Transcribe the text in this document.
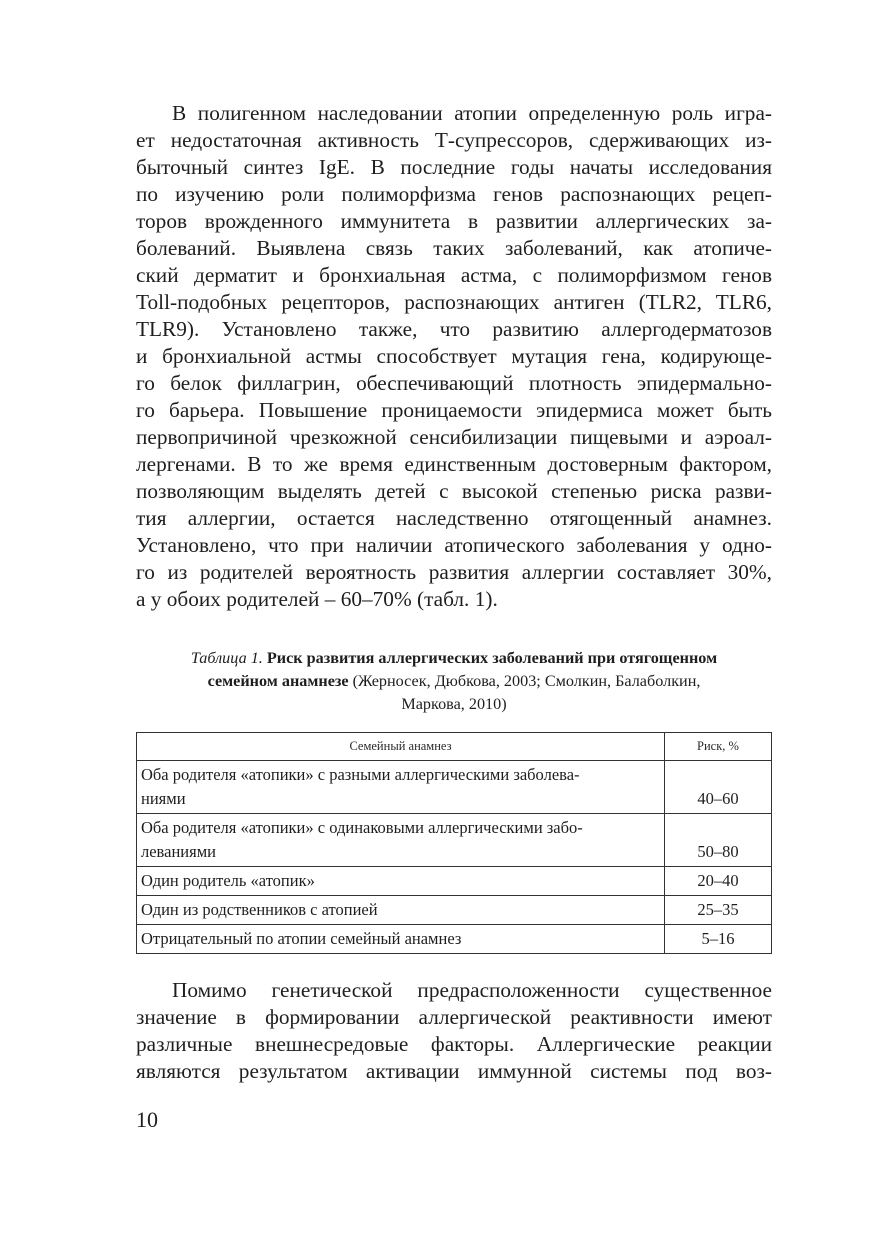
В полигенном наследовании атопии определенную роль игра -
ет недостаточная активность Т-супрессоров, сдерживающих из -
быточный синтез IgE. В последние годы начаты исследования
по изучению роли полиморфизма генов распознающих рецеп -
торов врожденного иммунитета в развитии аллергических за -
болеваний. Выявлена связь таких заболеваний, как атопиче -
ский дерматит и бронхиальная астма, с полиморфизмом генов
Toll-подобных рецепторов, распознающих антиген (TLR2, TLR6,
TLR9). Установлено также, что развитию аллергодерматозов
и бронхиальной астмы способствует мутация гена, кодирующе -
го белок филлагрин, обеспечивающий плотность эпидермально -
го барьера. Повышение проницаемости эпидермиса может быть
первопричиной чрезкожной сенсибилизации пищевыми и аэроал -
лергенами. В то же время единственным достоверным фактором,
позволяющим выделять детей с высокой степенью риска разви -
тия аллергии, остается наследственно отягощенный анамнез.
Установлено, что при наличии атопического заболевания у одно -
го из родителей вероятность развития аллергии составляет 30%,
а у обоих родителей – 60–70% (табл. 1).
Таблица 1. Риск развития аллергических заболеваний при отягощенном
семейном анамнезе (Жерносек, Дюбкова, 2003; Смолкин, Балаболкин,
Маркова, 2010)
Семейный анамнез	Риск, %

Оба родителя «атопики» с разными аллергическими заболева-
ниями	40–60

Оба родителя «атопики» с одинаковыми аллергическими забо-
леваниями	50–80
Один родитель «атопик»	20–40
Один из родственников с атопией	25–35
Отрицательный по атопии семейный анамнез	5–16
Помимо генетической предрасположенности существенное
значение в формировании аллергической реактивности имеют
различные внешнесредовые факторы. Аллергические реакции
являются результатом активации иммунной системы под воз -
10
